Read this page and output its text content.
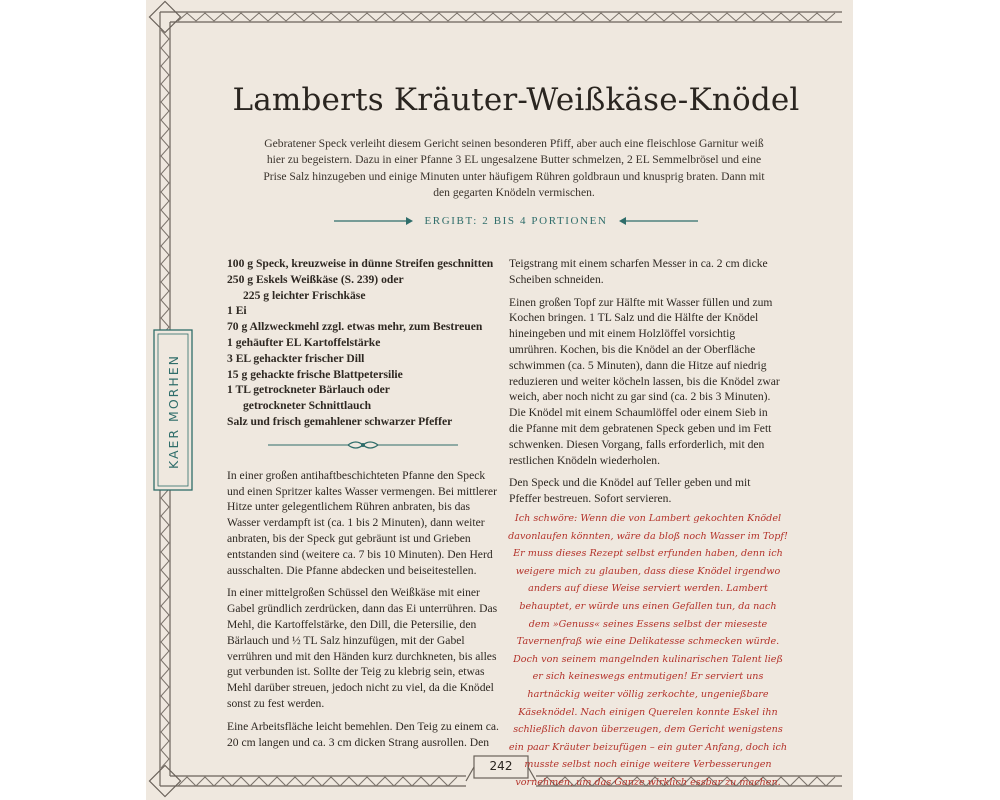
KAER MORHEN
Lamberts Kräuter-Weißkäse-Knödel
Gebratener Speck verleiht diesem Gericht seinen besonderen Pfiff, aber auch eine fleischlose Garnitur weiß hier zu begeistern. Dazu in einer Pfanne 3 EL ungesalzene Butter schmelzen, 2 EL Semmelbrösel und eine Prise Salz hinzugeben und einige Minuten unter häufigem Rühren goldbraun und knusprig braten. Dann mit den gegarten Knödeln vermischen.
ERGIBT: 2 BIS 4 PORTIONEN
100 g Speck, kreuzweise in dünne Streifen geschnitten
250 g Eskels Weißkäse (S. 239) oder
225 g leichter Frischkäse
1 Ei
70 g Allzweckmehl zzgl. etwas mehr, zum Bestreuen
1 gehäufter EL Kartoffelstärke
3 EL gehackter frischer Dill
15 g gehackte frische Blattpetersilie
1 TL getrockneter Bärlauch oder
getrockneter Schnittlauch
Salz und frisch gemahlener schwarzer Pfeffer

In einer großen antihaftbeschichteten Pfanne den Speck und einen Spritzer kaltes Wasser vermengen. Bei mittlerer Hitze unter gelegentlichem Rühren anbraten, bis das Wasser verdampft ist (ca. 1 bis 2 Minuten), dann weiter anbraten, bis der Speck gut gebräunt ist und Grieben entstanden sind (weitere ca. 7 bis 10 Minuten). Den Herd ausschalten. Die Pfanne abdecken und beiseitestellen.

In einer mittelgroßen Schüssel den Weißkäse mit einer Gabel gründlich zerdrücken, dann das Ei unterrühren. Das Mehl, die Kartoffelstärke, den Dill, die Petersilie, den Bärlauch und ½ TL Salz hinzufügen, mit der Gabel verrühren und mit den Händen kurz durchkneten, bis alles gut verbunden ist. Sollte der Teig zu klebrig sein, etwas Mehl darüber streuen, jedoch nicht zu viel, da die Knödel sonst zu fest werden.

Eine Arbeitsfläche leicht bemehlen. Den Teig zu einem ca. 20 cm langen und ca. 3 cm dicken Strang ausrollen. Den

Teigstrang mit einem scharfen Messer in ca. 2 cm dicke Scheiben schneiden.

Einen großen Topf zur Hälfte mit Wasser füllen und zum Kochen bringen. 1 TL Salz und die Hälfte der Knödel hineingeben und mit einem Holzlöffel vorsichtig umrühren. Kochen, bis die Knödel an der Oberfläche schwimmen (ca. 5 Minuten), dann die Hitze auf niedrig reduzieren und weiter köcheln lassen, bis die Knödel zwar weich, aber noch nicht zu gar sind (ca. 2 bis 3 Minuten). Die Knödel mit einem Schaumlöffel oder einem Sieb in die Pfanne mit dem gebratenen Speck geben und im Fett schwenken. Diesen Vorgang, falls erforderlich, mit den restlichen Knödeln wiederholen.

Den Speck und die Knödel auf Teller geben und mit Pfeffer bestreuen. Sofort servieren.

Ich schwöre: Wenn die von Lambert gekochten Knödel davonlaufen könnten, wäre da bloß noch Wasser im Topf! Er muss dieses Rezept selbst erfunden haben, denn ich weigere mich zu glauben, dass diese Knödel irgendwo anders auf diese Weise serviert werden. Lambert behauptet, er würde uns einen Gefallen tun, da nach dem »Genuss« seines Essens selbst der mieseste Tavernenfraß wie eine Delikatesse schmecken würde. Doch von seinem mangelnden kulinarischen Talent ließ er sich keineswegs entmutigen! Er serviert uns hartnäckig weiter völlig zerkochte, ungenießbare Käseknödel. Nach einigen Querelen konnte Eskel ihn schließlich davon überzeugen, dem Gericht wenigstens ein paar Kräuter beizufügen – ein guter Anfang, doch ich musste selbst noch einige weitere Verbesserungen vornehmen, um das Ganze wirklich essbar zu machen.
242
